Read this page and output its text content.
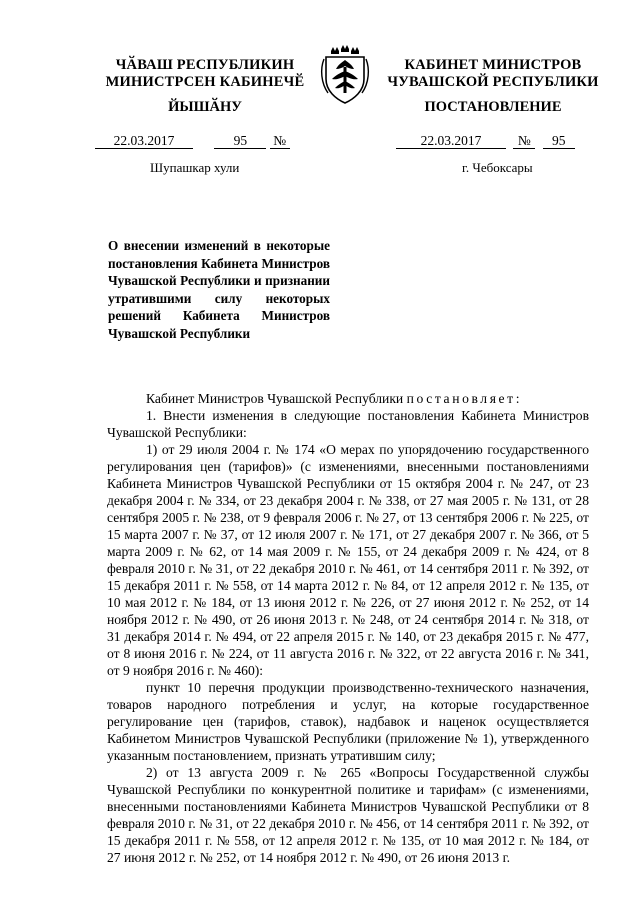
ЧӐВАШ РЕСПУБЛИКИН
МИНИСТРСЕН КАБИНЕЧӖ
КАБИНЕТ МИНИСТРОВ
ЧУВАШСКОЙ РЕСПУБЛИКИ
ЙЫШӐНУ	ПОСТАНОВЛЕНИЕ
22.03.2017	95 №	22.03.2017	№ 95
Шупашкар хули	г. Чебоксары
О внесении изменений в некоторые постановления Кабинета Министров Чувашской Республики и признании утратившими силу некоторых решений Кабинета Министров Чувашской Республики

Кабинет Министров Чувашской Республики постановляет:

1. Внести изменения в следующие постановления Кабинета Министров Чувашской Республики:

1) от 29 июля 2004 г. № 174 «О мерах по упорядочению государственного регулирования цен (тарифов)» (с изменениями, внесенными постановлениями Кабинета Министров Чувашской Республики от 15 октября 2004 г. № 247, от 23 декабря 2004 г. № 334, от 23 декабря 2004 г. № 338, от 27 мая 2005 г. № 131, от 28 сентября 2005 г. № 238, от 9 февраля 2006 г. № 27, от 13 сентября 2006 г. № 225, от 15 марта 2007 г. № 37, от 12 июля 2007 г. № 171, от 27 декабря 2007 г. № 366, от 5 марта 2009 г. № 62, от 14 мая 2009 г. № 155, от 24 декабря 2009 г. № 424, от 8 февраля 2010 г. № 31, от 22 декабря 2010 г. № 461, от 14 сентября 2011 г. № 392, от 15 декабря 2011 г. № 558, от 14 марта 2012 г. № 84, от 12 апреля 2012 г. № 135, от 10 мая 2012 г. № 184, от 13 июня 2012 г. № 226, от 27 июня 2012 г. № 252, от 14 ноября 2012 г. № 490, от 26 июня 2013 г. № 248, от 24 сентября 2014 г. № 318, от 31 декабря 2014 г. № 494, от 22 апреля 2015 г. № 140, от 23 декабря 2015 г. № 477, от 8 июня 2016 г. № 224, от 11 августа 2016 г. № 322, от 22 августа 2016 г. № 341, от 9 ноября 2016 г. № 460):

пункт 10 перечня продукции производственно-технического назначения, товаров народного потребления и услуг, на которые государственное регулирование цен (тарифов, ставок), надбавок и наценок осуществляется Кабинетом Министров Чувашской Республики (приложение № 1), утвержденного указанным постановлением, признать утратившим силу;

2) от 13 августа 2009 г. № 265 «Вопросы Государственной службы Чувашской Республики по конкурентной политике и тарифам» (с изменениями, внесенными постановлениями Кабинета Министров Чувашской Республики от 8 февраля 2010 г. № 31, от 22 декабря 2010 г. № 456, от 14 сентября 2011 г. № 392, от 15 декабря 2011 г. № 558, от 12 апреля 2012 г. № 135, от 10 мая 2012 г. № 184, от 27 июня 2012 г. № 252, от 14 ноября 2012 г. № 490, от 26 июня 2013 г.
